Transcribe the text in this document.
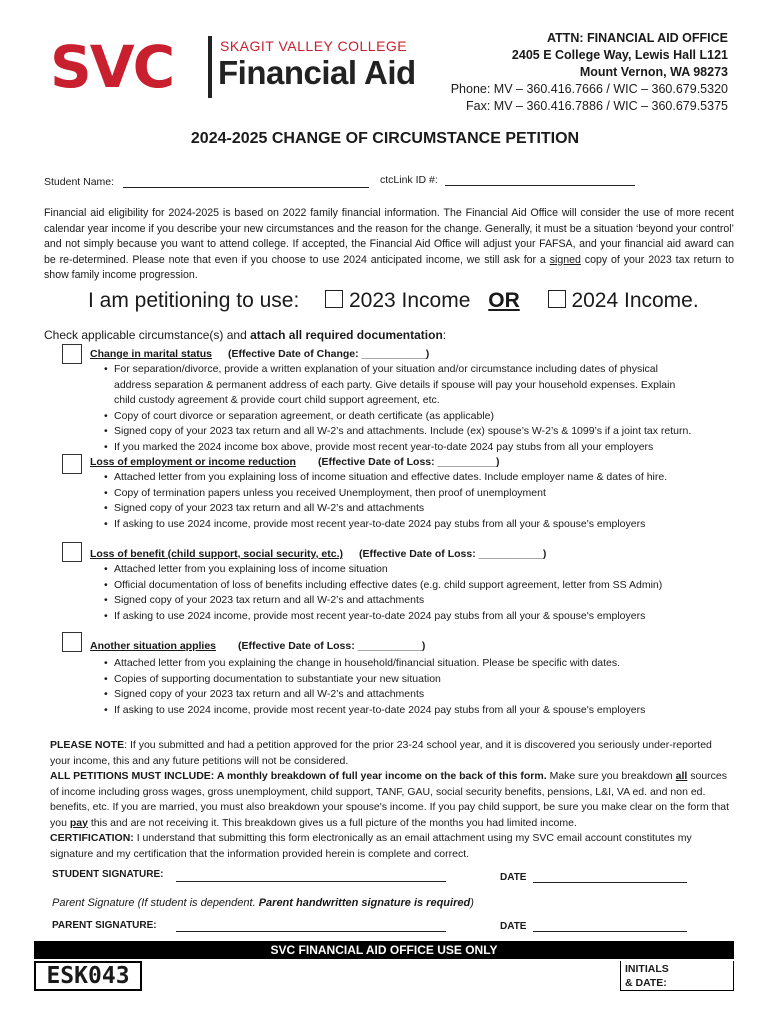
SVC	SKAGIT VALLEY COLLEGE
Financial Aid
ATTN: FINANCIAL AID OFFICE
2405 E College Way, Lewis Hall L121
Mount Vernon, WA 98273
Phone: MV – 360.416.7666 / WIC – 360.679.5320
Fax: MV – 360.416.7886 / WIC – 360.679.5375
2024-2025 CHANGE OF CIRCUMSTANCE PETITION
Student Name:	ctcLink ID #:
Financial aid eligibility for 2024-2025 is based on 2022 family financial information. The Financial Aid Office will consider the use of more recent calendar year income if you describe your new circumstances and the reason for the change. Generally, it must be a situation ‘beyond your control’ and not simply because you want to attend college. If accepted, the Financial Aid Office will adjust your FAFSA, and your financial aid award can be re-determined. Please note that even if you choose to use 2024 anticipated income, we still ask for a signed copy of your 2023 tax return to show family income progression.
I am petitioning to use: 2023 Income OR 2024 Income.
Check applicable circumstance(s) and attach all required documentation:
Change in marital status (Effective Date of Change: ___________)
• For separation/divorce, provide a written explanation of your situation and/or circumstance including dates of physical
address separation & permanent address of each party. Give details if spouse will pay your household expenses. Explain
child custody agreement & provide court child support agreement, etc.
• Copy of court divorce or separation agreement, or death certificate (as applicable)
• Signed copy of your 2023 tax return and all W-2’s and attachments. Include (ex) spouse’s W-2’s & 1099’s if a joint tax return.
• If you marked the 2024 income box above, provide most recent year-to-date 2024 pay stubs from all your employers
Loss of employment or income reduction (Effective Date of Loss: __________)
• Attached letter from you explaining loss of income situation and effective dates. Include employer name & dates of hire.
• Copy of termination papers unless you received Unemployment, then proof of unemployment
• Signed copy of your 2023 tax return and all W-2’s and attachments
• If asking to use 2024 income, provide most recent year-to-date 2024 pay stubs from all your & spouse's employers
Loss of benefit (child support, social security, etc.) (Effective Date of Loss: ___________)
• Attached letter from you explaining loss of income situation
• Official documentation of loss of benefits including effective dates (e.g. child support agreement, letter from SS Admin)
• Signed copy of your 2023 tax return and all W-2’s and attachments
• If asking to use 2024 income, provide most recent year-to-date 2024 pay stubs from all your & spouse's employers
Another situation applies (Effective Date of Loss: ___________)
• Attached letter from you explaining the change in household/financial situation. Please be specific with dates.
• Copies of supporting documentation to substantiate your new situation
• Signed copy of your 2023 tax return and all W-2’s and attachments
• If asking to use 2024 income, provide most recent year-to-date 2024 pay stubs from all your & spouse's employers
PLEASE NOTE: If you submitted and had a petition approved for the prior 23-24 school year, and it is discovered you seriously under-reported your income, this and any future petitions will not be considered.
ALL PETITIONS MUST INCLUDE: A monthly breakdown of full year income on the back of this form. Make sure you breakdown all sources of income including gross wages, gross unemployment, child support, TANF, GAU, social security benefits, pensions, L&I, VA ed. and non ed. benefits, etc. If you are married, you must also breakdown your spouse's income. If you pay child support, be sure you make clear on the form that you pay this and are not receiving it. This breakdown gives us a full picture of the months you had limited income.
CERTIFICATION: I understand that submitting this form electronically as an email attachment using my SVC email account constitutes my signature and my certification that the information provided herein is complete and correct.
STUDENT SIGNATURE:	DATE
Parent Signature (If student is dependent. Parent handwritten signature is required)
PARENT SIGNATURE:	DATE
SVC FINANCIAL AID OFFICE USE ONLY
ESK043	INITIALS
& DATE:
